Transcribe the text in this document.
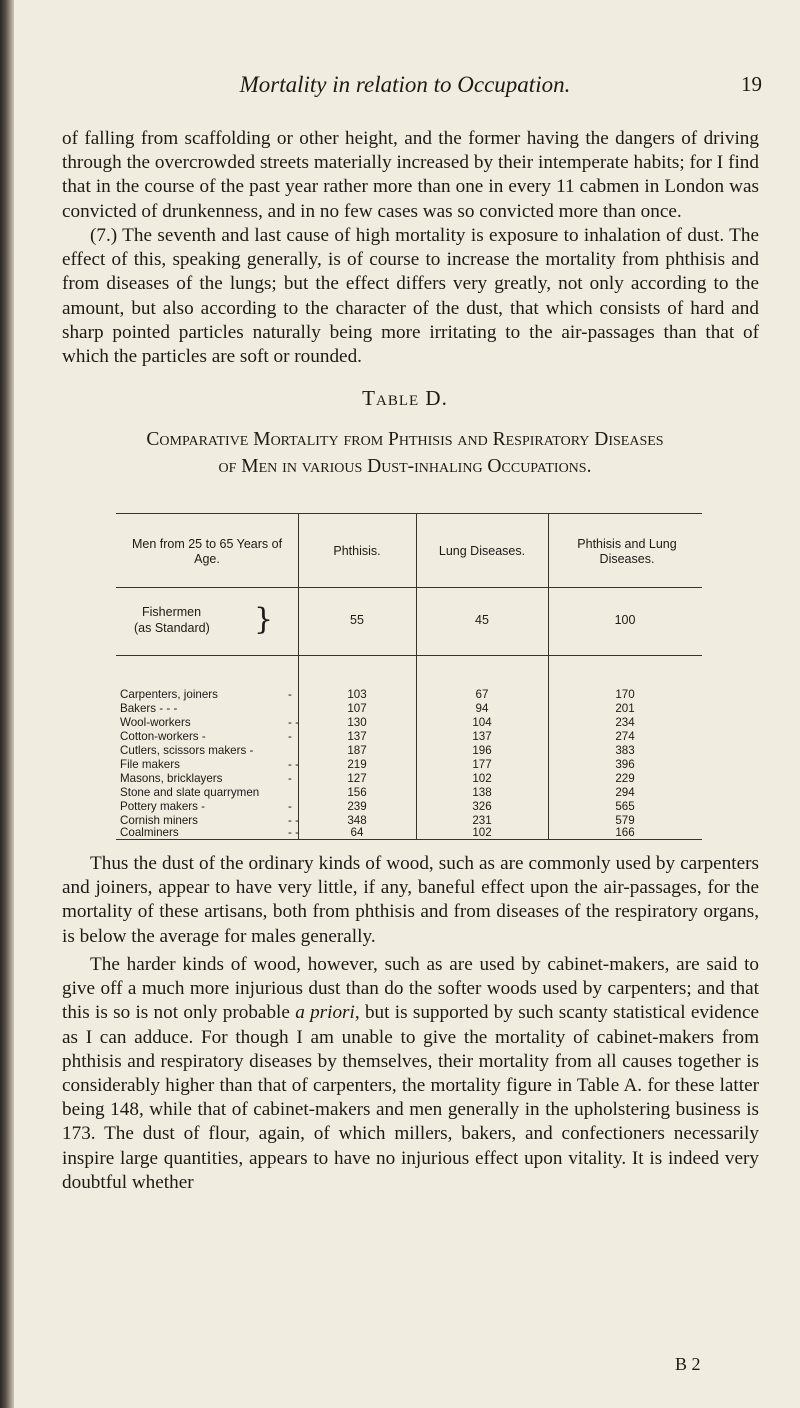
Mortality in relation to Occupation.	19

of falling from scaffolding or other height, and the former having the dangers of driving through the overcrowded streets materially increased by their intemperate habits; for I find that in the course of the past year rather more than one in every 11 cabmen in London was convicted of drunkenness, and in no few cases was so convicted more than once.

(7.) The seventh and last cause of high mortality is exposure to inhalation of dust. The effect of this, speaking generally, is of course to increase the mortality from phthisis and from diseases of the lungs; but the effect differs very greatly, not only according to the amount, but also according to the character of the dust, that which consists of hard and sharp pointed particles naturally being more irritating to the air-passages than that of which the particles are soft or rounded.

Table D.
Comparative Mortality from Phthisis and Respiratory Diseases
of Men in various Dust-inhaling Occupations.
Men from 25 to 65 Years of Age.
Phthisis.	Lung Diseases.	Phthisis and Lung Diseases.
Fishermen
(as Standard) }	55	45	100
Carpenters, joiners	-	103	67	170
Bakers - - -	107	94	201
Wool-workers	- -	130	104	234
Cotton-workers -	-	137	137	274
Cutlers, scissors makers -	187	196	383
File makers	- -	219	177	396
Masons, bricklayers	-	127	102	229
Stone and slate quarrymen	156	138	294
Pottery makers -	-	239	326	565
Cornish miners	- -	348	231	579
Coalminers	- -	64	102	166

Thus the dust of the ordinary kinds of wood, such as are commonly used by carpenters and joiners, appear to have very little, if any, baneful effect upon the air-passages, for the mortality of these artisans, both from phthisis and from diseases of the respiratory organs, is below the average for males generally.

The harder kinds of wood, however, such as are used by cabinet-makers, are said to give off a much more injurious dust than do the softer woods used by carpenters; and that this is so is not only probable a priori, but is supported by such scanty statistical evidence as I can adduce. For though I am unable to give the mortality of cabinet-makers from phthisis and respiratory diseases by themselves, their mortality from all causes together is considerably higher than that of carpenters, the mortality figure in Table A. for these latter being 148, while that of cabinet-makers and men generally in the upholstering business is 173. The dust of flour, again, of which millers, bakers, and confectioners necessarily inspire large quantities, appears to have no injurious effect upon vitality. It is indeed very doubtful whether

B 2
